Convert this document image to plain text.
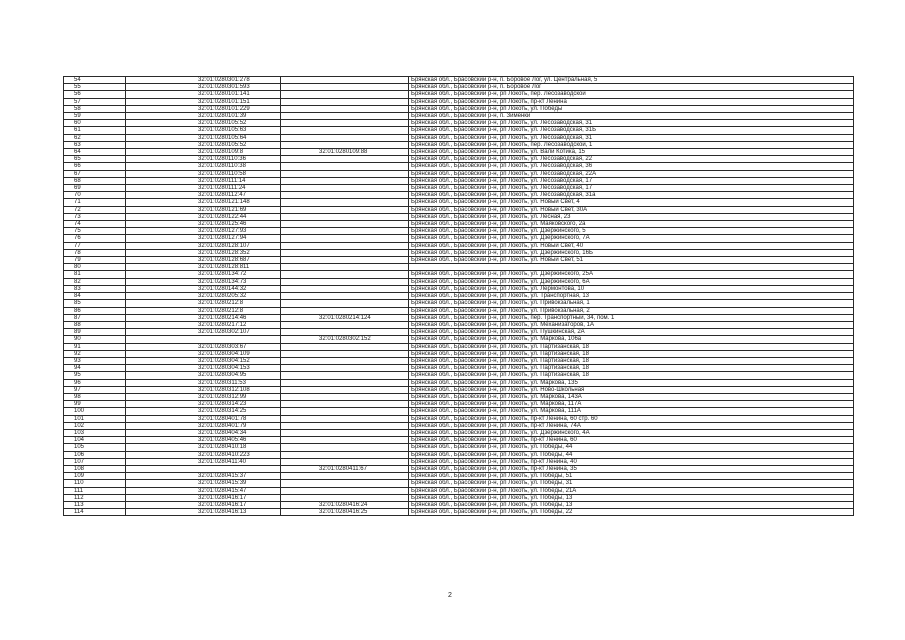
54	32:01:0280301:278		Брянская обл., Брасовский р-н, п. Боровое Лог, ул. Центральная, 5
55	32:01:0280301:593		Брянская обл., Брасовский р-н, п. Боровое Лог
56	32:01:0280101:141		Брянская обл., Брасовский р-н, рп Локоть, пер. Лесозаводской
57	32:01:0280101:151		Брянская обл., Брасовский р-н, рп Локоть, пр-кт Ленина
58	32:01:0280101:229		Брянская обл., Брасовский р-н, рп Локоть, ул. Победы
59	32:01:0280101:39		Брянская обл., Брасовский р-н, п. Зименки
60	32:01:0280105:52		Брянская обл., Брасовский р-н, рп Локоть, ул. Лесозаводская, 31
61	32:01:0280105:63		Брянская обл., Брасовский р-н, рп Локоть, ул. Лесозаводская, 31Б
62	32:01:0280105:64		Брянская обл., Брасовский р-н, рп Локоть, ул. Лесозаводская, 31
63	32:01:0280105:52		Брянская обл., Брасовский р-н, рп Локоть, пер. Лесозаводской, 1
64	32:01:0280109:8	32:01:0280109:88	Брянская обл., Брасовский р-н, рп Локоть, ул. Вали Котика, 15
65	32:01:0280110:36		Брянская обл., Брасовский р-н, рп Локоть, ул. Лесозаводская, 22
66	32:01:0280110:38		Брянская обл., Брасовский р-н, рп Локоть, ул. Лесозаводская, 36
67	32:01:0280110:58		Брянская обл., Брасовский р-н, рп Локоть, ул. Лесозаводская, 22А
68	32:01:0280111:14		Брянская обл., Брасовский р-н, рп Локоть, ул. Лесозаводская, 17
69	32:01:0280111:24		Брянская обл., Брасовский р-н, рп Локоть, ул. Лесозаводская, 17
70	32:01:0280112:47		Брянская обл., Брасовский р-н, рп Локоть, ул. Лесозаводская, 31а
71	32:01:0280121:148		Брянская обл., Брасовский р-н, рп Локоть, ул. Новый Свет, 4
72	32:01:0280121:69		Брянская обл., Брасовский р-н, рп Локоть, ул. Новый Свет, 30А
73	32:01:0280122:44		Брянская обл., Брасовский р-н, рп Локоть, ул. Лесная, 23
74	32:01:0280125:46		Брянская обл., Брасовский р-н, рп Локоть, ул. Маяковского, 2а
75	32:01:0280127:93		Брянская обл., Брасовский р-н, рп Локоть, ул. Дзержинского, 5
76	32:01:0280127:94		Брянская обл., Брасовский р-н, рп Локоть, ул. Дзержинского, 7А
77	32:01:0280128:107		Брянская обл., Брасовский р-н, рп Локоть, ул. Новый Свет, 40
78	32:01:0280128:352		Брянская обл., Брасовский р-н, рп Локоть, ул. Дзержинского, 16Б
79	32:01:0280128:687		Брянская обл., Брасовский р-н, рп Локоть, ул. Новый Свет, 51
80	32:01:0280128:811		
81	32:01:0280134:72		Брянская обл., Брасовский р-н, рп Локоть, ул. Дзержинского, 25А
82	32:01:0280134:73		Брянская обл., Брасовский р-н, рп Локоть, ул. Дзержинского, 6А
83	32:01:0280144:32		Брянская обл., Брасовский р-н, рп Локоть, ул. Лермонтова, 10
84	32:01:0280205:32		Брянская обл., Брасовский р-н, рп Локоть, ул. Транспортная, 13
85	32:01:0280212:8		Брянская обл., Брасовский р-н, рп Локоть, ул. Привокзальная, 1
86	32:01:0280212:8		Брянская обл., Брасовский р-н, рп Локоть, ул. Привокзальная, 2
87	32:01:0280214:46	32:01:0280214:124	Брянская обл., Брасовский р-н, рп Локоть, пер. Транспортный, 34, пом. 1
88	32:01:0280217:12		Брянская обл., Брасовский р-н, рп Локоть, ул. Механизаторов, 1А
89	32:01:0280302:107		Брянская обл., Брасовский р-н, рп Локоть, ул. Пушкинская, 2А
90		32:01:0280302:152	Брянская обл., Брасовский р-н, рп Локоть, ул. Маркова, 106а
91	32:01:0280303:67		Брянская обл., Брасовский р-н, рп Локоть, ул. Партизанская, 18
92	32:01:0280304:109		Брянская обл., Брасовский р-н, рп Локоть, ул. Партизанская, 18
93	32:01:0280304:152		Брянская обл., Брасовский р-н, рп Локоть, ул. Партизанская, 18
94	32:01:0280304:153		Брянская обл., Брасовский р-н, рп Локоть, ул. Партизанская, 18
95	32:01:0280304:95		Брянская обл., Брасовский р-н, рп Локоть, ул. Партизанская, 18
96	32:01:0280311:53		Брянская обл., Брасовский р-н, рп Локоть, ул. Маркова, 135
97	32:01:0280312:108		Брянская обл., Брасовский р-н, рп Локоть, ул. Ново-Школьная
98	32:01:0280312:99		Брянская обл., Брасовский р-н, рп Локоть, ул. Маркова, 143А
99	32:01:0280314:23		Брянская обл., Брасовский р-н, рп Локоть, ул. Маркова, 117А
100	32:01:0280314:25		Брянская обл., Брасовский р-н, рп Локоть, ул. Маркова, 111А
101	32:01:0280401:78		Брянская обл., Брасовский р-н, рп Локоть, пр-кт Ленина, 60 стр. 60
102	32:01:0280401:79		Брянская обл., Брасовский р-н, рп Локоть, пр-кт Ленина, 74А
103	32:01:0280404:34		Брянская обл., Брасовский р-н, рп Локоть, ул. Дзержинского, 4А
104	32:01:0280405:46		Брянская обл., Брасовский р-н, рп Локоть, пр-кт Ленина, 60
105	32:01:0280410:18		Брянская обл., Брасовский р-н, рп Локоть, ул. Победы, 44
106	32:01:0280410:223		Брянская обл., Брасовский р-н, рп Локоть, ул. Победы, 44
107	32:01:0280411:40		Брянская обл., Брасовский р-н, рп Локоть, пр-кт Ленина, 40
108		32:01:0280411:67	Брянская обл., Брасовский р-н, рп Локоть, пр-кт Ленина, 35
109	32:01:0280415:37		Брянская обл., Брасовский р-н, рп Локоть, ул. Победы, 51
110	32:01:0280415:39		Брянская обл., Брасовский р-н, рп Локоть, ул. Победы, 31
111	32:01:0280415:47		Брянская обл., Брасовский р-н, рп Локоть, ул. Победы, 21А
112	32:01:0280416:17		Брянская обл., Брасовский р-н, рп Локоть, ул. Победы, 13
113	32:01:0280416:17	32:01:0280416:24	Брянская обл., Брасовский р-н, рп Локоть, ул. Победы, 13
114	32:01:0280416:13	32:01:0280416:25	Брянская обл., Брасовский р-н, рп Локоть, ул. Победы, 22
2
